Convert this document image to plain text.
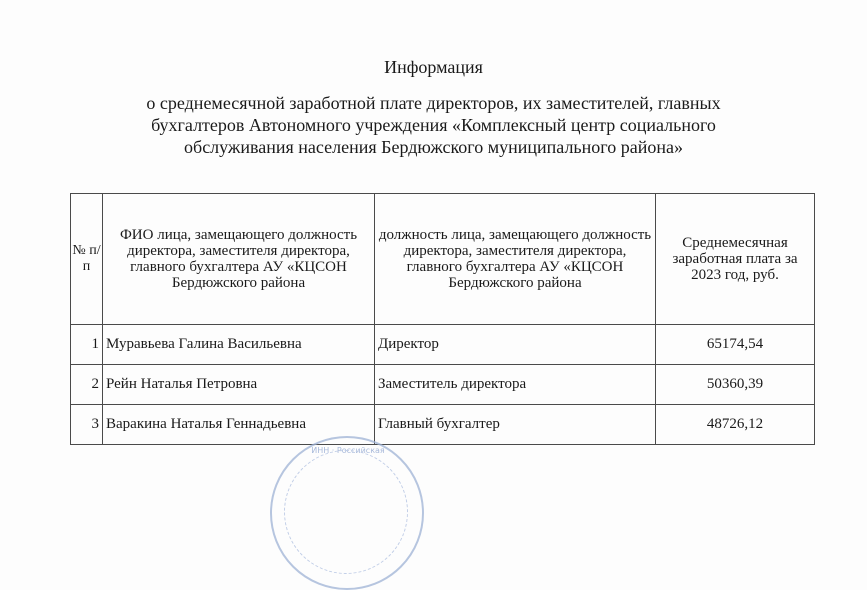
Информация
о среднемесячной заработной плате директоров, их заместителей, главных
бухгалтеров Автономного учреждения «Комплексный центр социального
обслуживания населения Бердюжского муниципального района»
№ п/п	ФИО лица, замещающего должность директора, заместителя директора, главного бухгалтера АУ «КЦСОН Бердюжского района	должность лица, замещающего должность директора, заместителя директора, главного бухгалтера АУ «КЦСОН Бердюжского района	Среднемесячная заработная плата за 2023 год, руб.
1	Муравьева Галина Васильевна	Директор	65174,54
2	Рейн Наталья Петровна	Заместитель директора	50360,39
3	Варакина Наталья Геннадьевна	Главный бухгалтер	48726,12
ИНН · Российская
